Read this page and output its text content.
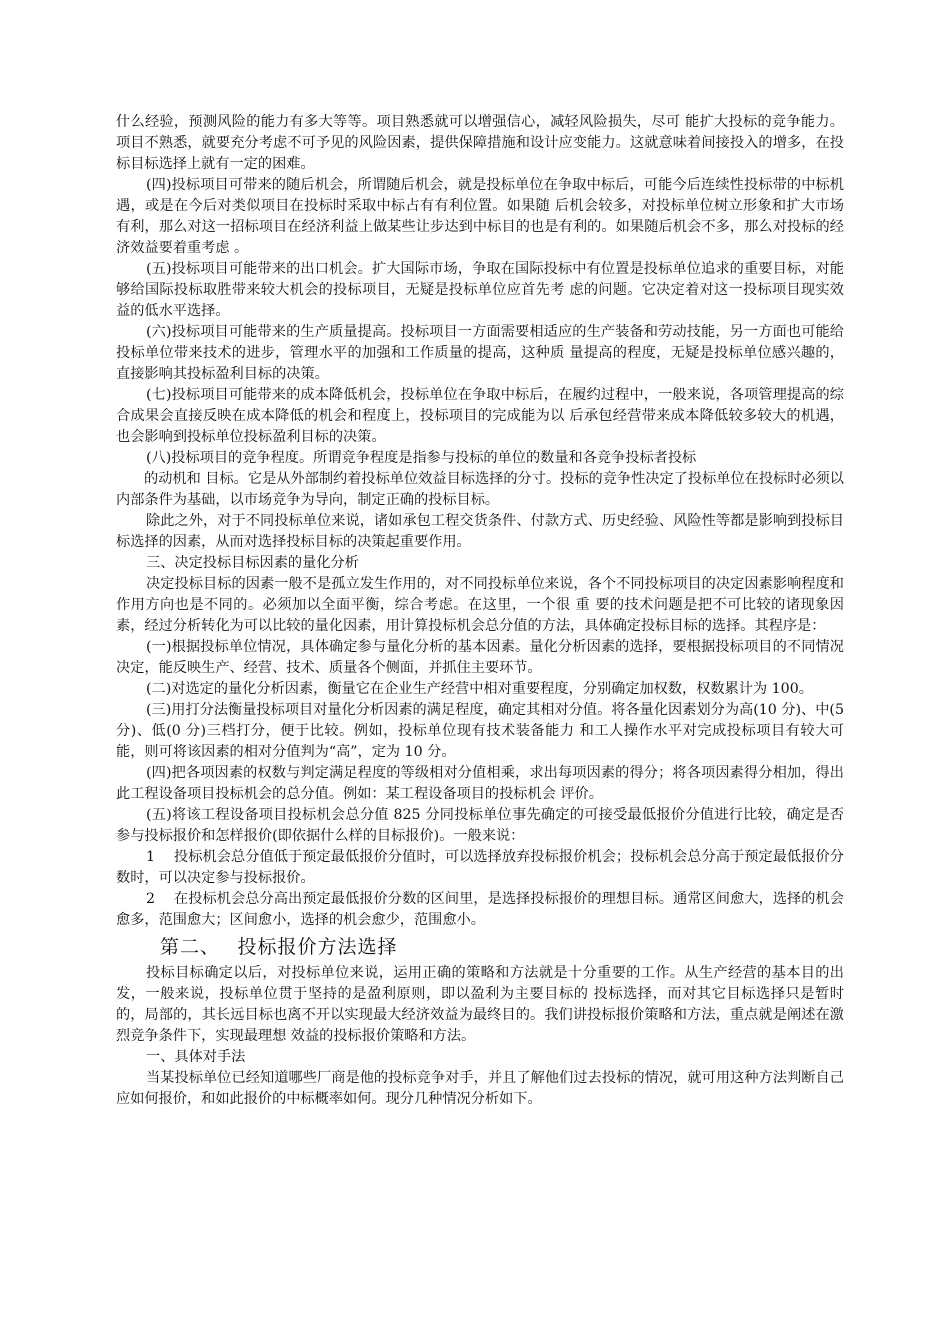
什么经验，预测风险的能力有多大等等。项目熟悉就可以增强信心，减轻风险损失，尽可 能扩大投标的竞争能力。项目不熟悉，就要充分考虑不可予见的风险因素，提供保障措施和设计应变能力。这就意味着间接投入的增多，在投标目标选择上就有一定的困难。

(四)投标项目可带来的随后机会，所谓随后机会，就是投标单位在争取中标后，可能今后连续性投标带的中标机遇，或是在今后对类似项目在投标时采取中标占有有利位置。如果随 后机会较多，对投标单位树立形象和扩大市场有利，那么对这一招标项目在经济利益上做某些让步达到中标目的也是有利的。如果随后机会不多，那么对投标的经济效益要着重考虑 。

(五)投标项目可能带来的出口机会。扩大国际市场，争取在国际投标中有位置是投标单位追求的重要目标，对能够给国际投标取胜带来较大机会的投标项目，无疑是投标单位应首先考 虑的问题。它决定着对这一投标项目现实效益的低水平选择。

(六)投标项目可能带来的生产质量提高。投标项目一方面需要相适应的生产装备和劳动技能，另一方面也可能给投标单位带来技术的进步，管理水平的加强和工作质量的提高，这种质 量提高的程度，无疑是投标单位感兴趣的，直接影响其投标盈利目标的决策。

(七)投标项目可能带来的成本降低机会，投标单位在争取中标后，在履约过程中，一般来说，各项管理提高的综合成果会直接反映在成本降低的机会和程度上，投标项目的完成能为以 后承包经营带来成本降低较多较大的机遇，也会影响到投标单位投标盈利目标的决策。

(八)投标项目的竞争程度。所谓竞争程度是指参与投标的单位的数量和各竞争投标者投标

的动机和 目标。它是从外部制约着投标单位效益目标选择的分寸。投标的竞争性决定了投标单位在投标时必须以内部条件为基础，以市场竞争为导向，制定正确的投标目标。

除此之外，对于不同投标单位来说，诸如承包工程交货条件、付款方式、历史经验、风险性等都是影响到投标目标选择的因素，从而对选择投标目标的决策起重要作用。

三、决定投标目标因素的量化分析

决定投标目标的因素一般不是孤立发生作用的，对不同投标单位来说，各个不同投标项目的决定因素影响程度和作用方向也是不同的。必须加以全面平衡，综合考虑。在这里，一个很 重 要的技术问题是把不可比较的诸现象因素，经过分析转化为可以比较的量化因素，用计算投标机会总分值的方法，具体确定投标目标的选择。其程序是：

(一)根据投标单位情况，具体确定参与量化分析的基本因素。量化分析因素的选择，要根据投标项目的不同情况决定，能反映生产、经营、技术、质量各个侧面，并抓住主要环节。

(二)对选定的量化分析因素，衡量它在企业生产经营中相对重要程度，分别确定加权数，权数累计为 100。

(三)用打分法衡量投标项目对量化分析因素的满足程度，确定其相对分值。将各量化因素划分为高(10 分)、中(5 分)、低(0 分)三档打分，便于比较。例如，投标单位现有技术装备能力 和工人操作水平对完成投标项目有较大可能，则可将该因素的相对分值判为“高”，定为 10 分。

(四)把各项因素的权数与判定满足程度的等级相对分值相乘，求出每项因素的得分；将各项因素得分相加，得出此工程设备项目投标机会的总分值。例如：某工程设备项目的投标机会 评价。

(五)将该工程设备项目投标机会总分值 825 分同投标单位事先确定的可接受最低报价分值进行比较，确定是否参与投标报价和怎样报价(即依据什么样的目标报价)。一般来说：

1　 投标机会总分值低于预定最低报价分值时，可以选择放弃投标报价机会；投标机会总分高于预定最低报价分数时，可以决定参与投标报价。

2　 在投标机会总分高出预定最低报价分数的区间里，是选择投标报价的理想目标。通常区间愈大，选择的机会愈多，范围愈大；区间愈小，选择的机会愈少，范围愈小。

第二、　 投标报价方法选择

投标目标确定以后，对投标单位来说，运用正确的策略和方法就是十分重要的工作。从生产经营的基本目的出发，一般来说，投标单位贯于坚持的是盈利原则，即以盈利为主要目标的 投标选择，而对其它目标选择只是暂时的，局部的，其长远目标也离不开以实现最大经济效益为最终目的。我们讲投标报价策略和方法，重点就是阐述在激烈竞争条件下，实现最理想 效益的投标报价策略和方法。

一、具体对手法

当某投标单位已经知道哪些厂商是他的投标竞争对手，并且了解他们过去投标的情况，就可用这种方法判断自己应如何报价，和如此报价的中标概率如何。现分几种情况分析如下。
